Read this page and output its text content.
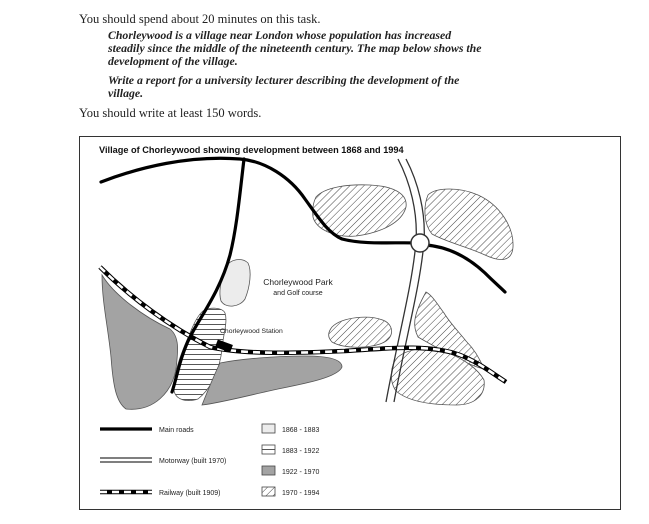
You should spend about 20 minutes on this task.

Chorleywood is a village near London whose population has increased steadily since the middle of the nineteenth century. The map below shows the development of the village.

Write a report for a university lecturer describing the development of the village.

You should write at least 150 words.
Village of Chorleywood showing development between 1868 and 1994
Chorleywood Park
and Golf course
Chorleywood Station
Main roads
Motorway (built 1970)
Railway (built 1909)
1868 - 1883
1883 - 1922
1922 - 1970
1970 - 1994
